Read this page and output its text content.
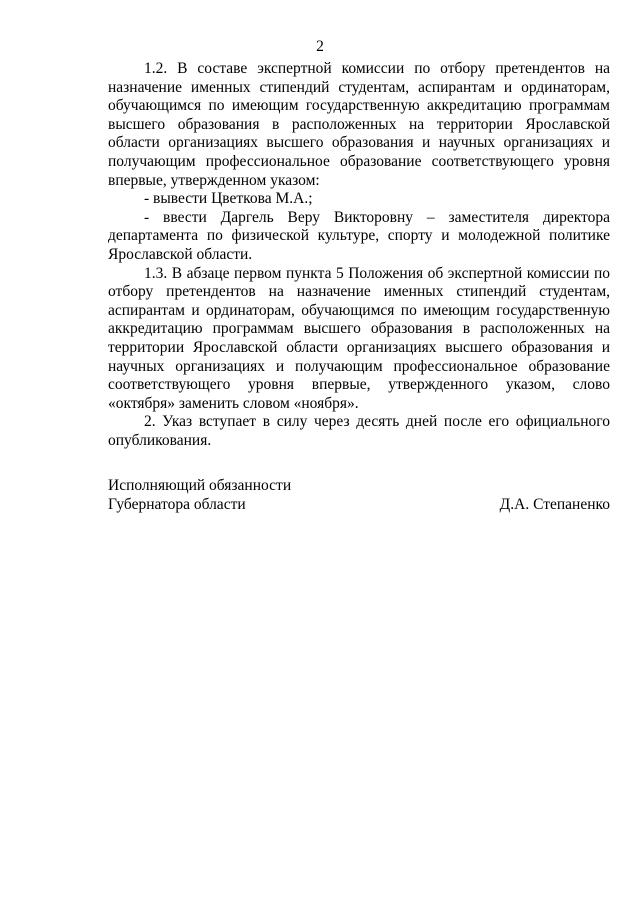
2

1.2. В составе экспертной комиссии по отбору претендентов на назначение именных стипендий студентам, аспирантам и ординаторам, обучающимся по имеющим государственную аккредитацию программам высшего образования в расположенных на территории Ярославской области организациях высшего образования и научных организациях и получающим профессиональное образование соответствующего уровня впервые, утвержденном указом:

- вывести Цветкова М.А.;

- ввести Даргель Веру Викторовну – заместителя директора департамента по физической культуре, спорту и молодежной политике Ярославской области.

1.3. В абзаце первом пункта 5 Положения об экспертной комиссии по отбору претендентов на назначение именных стипендий студентам, аспирантам и ординаторам, обучающимся по имеющим государственную аккредитацию программам высшего образования в расположенных на территории Ярославской области организациях высшего образования и научных организациях и получающим профессиональное образование соответствующего уровня впервые, утвержденного указом, слово «октября» заменить словом «ноября».

2. Указ вступает в силу через десять дней после его официального опубликования.

Исполняющий обязанности
Губернатора области	Д.А. Степаненко
